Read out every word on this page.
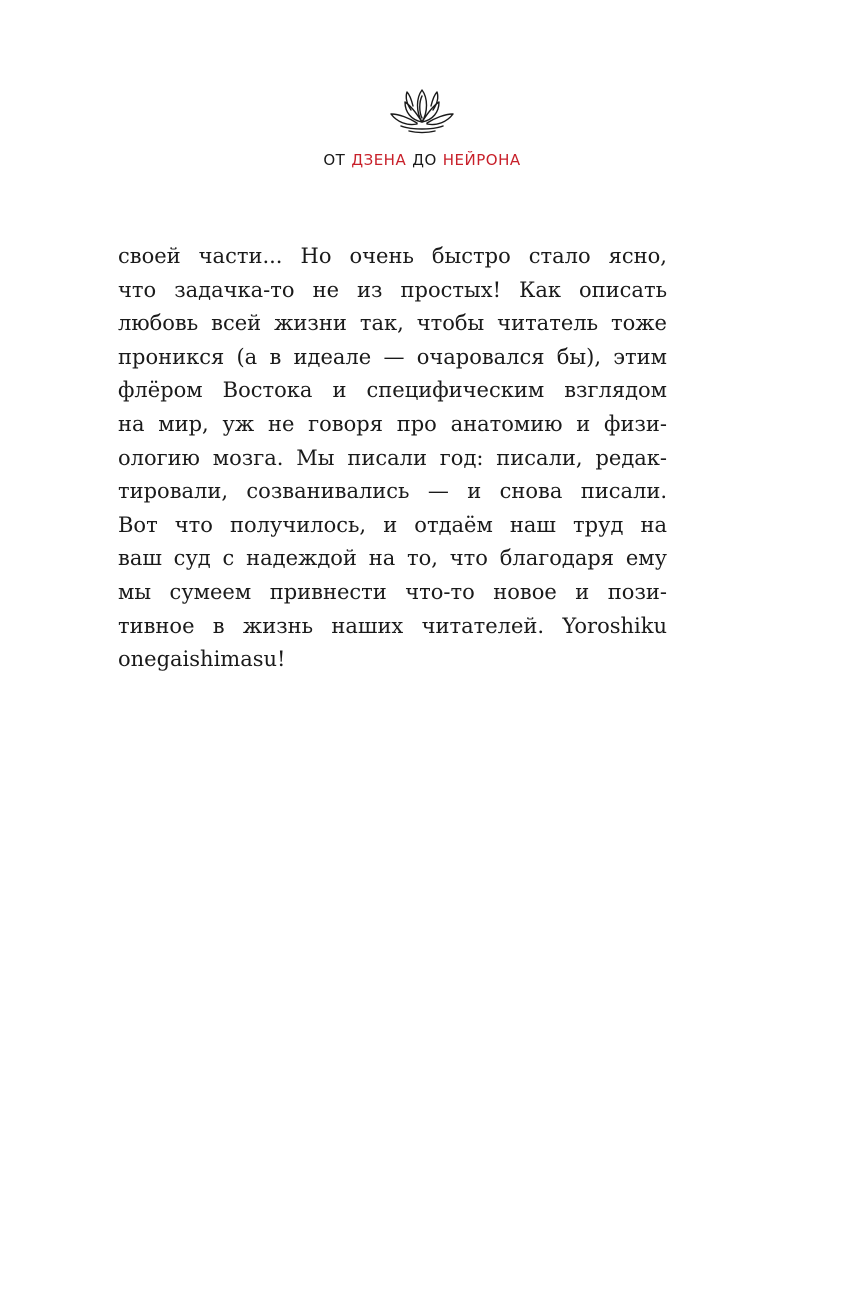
ОТ ДЗЕНА ДО НЕЙРОНА
своей части... Но очень быстро стало ясно,
что задачка-то не из простых! Как описать
любовь всей жизни так, чтобы читатель тоже
проникся (а в идеале — очаровался бы), этим
флёром Востока и специфическим взглядом
на мир, уж не говоря про анатомию и физи-
ологию мозга. Мы писали год: писали, редак-
тировали, созванивались — и снова писали.
Вот что получилось, и отдаём наш труд на
ваш суд с надеждой на то, что благодаря ему
мы сумеем привнести что-то новое и пози-
тивное в жизнь наших читателей. Yoroshiku
onegaishimasu!
